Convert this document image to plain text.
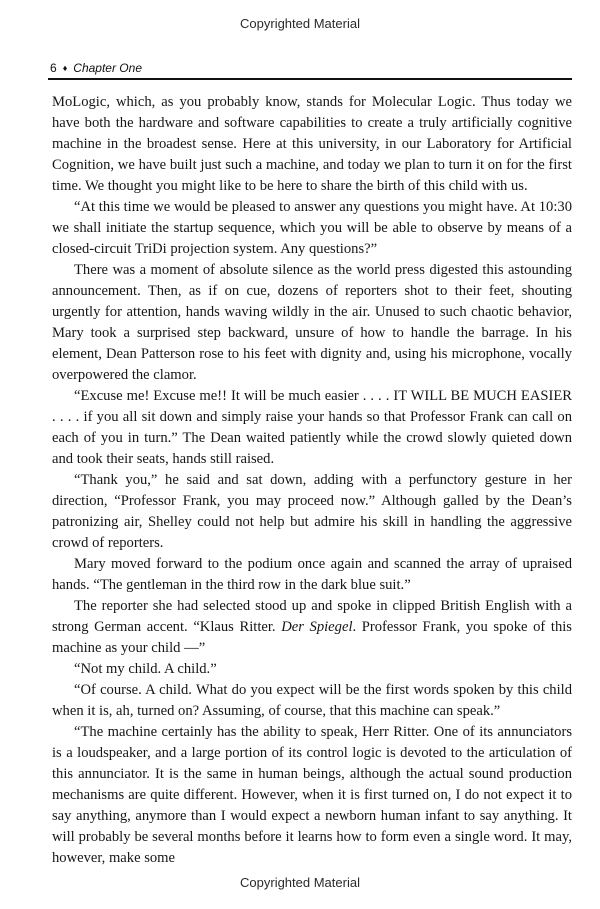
Copyrighted Material
6 ♦ Chapter One

MoLogic, which, as you probably know, stands for Molecular Logic. Thus today we have both the hardware and software capabilities to create a truly artificially cognitive machine in the broadest sense. Here at this university, in our Laboratory for Artificial Cognition, we have built just such a machine, and today we plan to turn it on for the first time. We thought you might like to be here to share the birth of this child with us.

“At this time we would be pleased to answer any questions you might have. At 10:30 we shall initiate the startup sequence, which you will be able to observe by means of a closed-circuit TriDi projection system. Any questions?”

There was a moment of absolute silence as the world press digested this astounding announcement. Then, as if on cue, dozens of reporters shot to their feet, shouting urgently for attention, hands waving wildly in the air. Unused to such chaotic behavior, Mary took a surprised step backward, unsure of how to handle the barrage. In his element, Dean Patterson rose to his feet with dignity and, using his microphone, vocally overpowered the clamor.

“Excuse me! Excuse me!! It will be much easier . . . . IT WILL BE MUCH EASIER . . . . if you all sit down and simply raise your hands so that Professor Frank can call on each of you in turn.” The Dean waited patiently while the crowd slowly quieted down and took their seats, hands still raised.

“Thank you,” he said and sat down, adding with a perfunctory gesture in her direction, “Professor Frank, you may proceed now.” Although galled by the Dean’s patronizing air, Shelley could not help but admire his skill in handling the aggressive crowd of reporters.

Mary moved forward to the podium once again and scanned the array of upraised hands. “The gentleman in the third row in the dark blue suit.”

The reporter she had selected stood up and spoke in clipped British English with a strong German accent. “Klaus Ritter. Der Spiegel. Professor Frank, you spoke of this machine as your child —”

“Not my child. A child.”

“Of course. A child. What do you expect will be the first words spoken by this child when it is, ah, turned on? Assuming, of course, that this machine can speak.”

“The machine certainly has the ability to speak, Herr Ritter. One of its annunciators is a loudspeaker, and a large portion of its control logic is devoted to the articulation of this annunciator. It is the same in human beings, although the actual sound production mechanisms are quite different. However, when it is first turned on, I do not expect it to say anything, anymore than I would expect a newborn human infant to say anything. It will probably be several months before it learns how to form even a single word. It may, however, make some

Copyrighted Material
